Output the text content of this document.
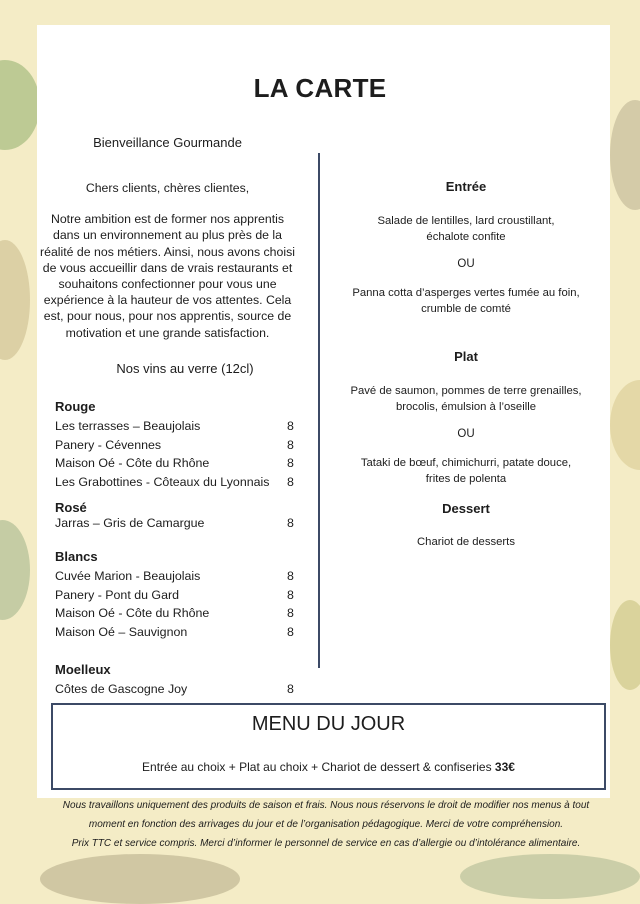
LA CARTE
Bienveillance Gourmande

Chers clients, chères clientes,

Notre ambition est de former nos apprentis dans un environnement au plus près de la réalité de nos métiers. Ainsi, nous avons choisi de vous accueillir dans de vrais restaurants et souhaitons confectionner pour vous une expérience à la hauteur de vos attentes. Cela est, pour nous, pour nos apprentis, source de motivation et une grande satisfaction.

Nos vins au verre (12cl)
Rouge
Les terrasses – Beaujolais	8
Panery - Cévennes	8
Maison Oé - Côte du Rhône	8
Les Grabottines - Côteaux du Lyonnais 8
Rosé
Jarras – Gris de Camargue	8
Blancs
Cuvée Marion - Beaujolais	8
Panery - Pont du Gard	8
Maison Oé - Côte du Rhône	8
Maison Oé – Sauvignon	8
Moelleux
Côtes de Gascogne Joy	8
Entrée
Salade de lentilles, lard croustillant,
échalote confite
OU
Panna cotta d’asperges vertes fumée au foin,
crumble de comté
Plat
Pavé de saumon, pommes de terre grenailles,
brocolis, émulsion à l’oseille
OU
Tataki de bœuf, chimichurri, patate douce,
frites de polenta
Dessert
Chariot de desserts
MENU DU JOUR
Entrée au choix + Plat au choix + Chariot de dessert & confiseries 33€
Nous travaillons uniquement des produits de saison et frais. Nous nous réservons le droit de modifier nos menus à tout
moment en fonction des arrivages du jour et de l’organisation pédagogique. Merci de votre compréhension.
Prix TTC et service compris. Merci d’informer le personnel de service en cas d’allergie ou d’intolérance alimentaire.
